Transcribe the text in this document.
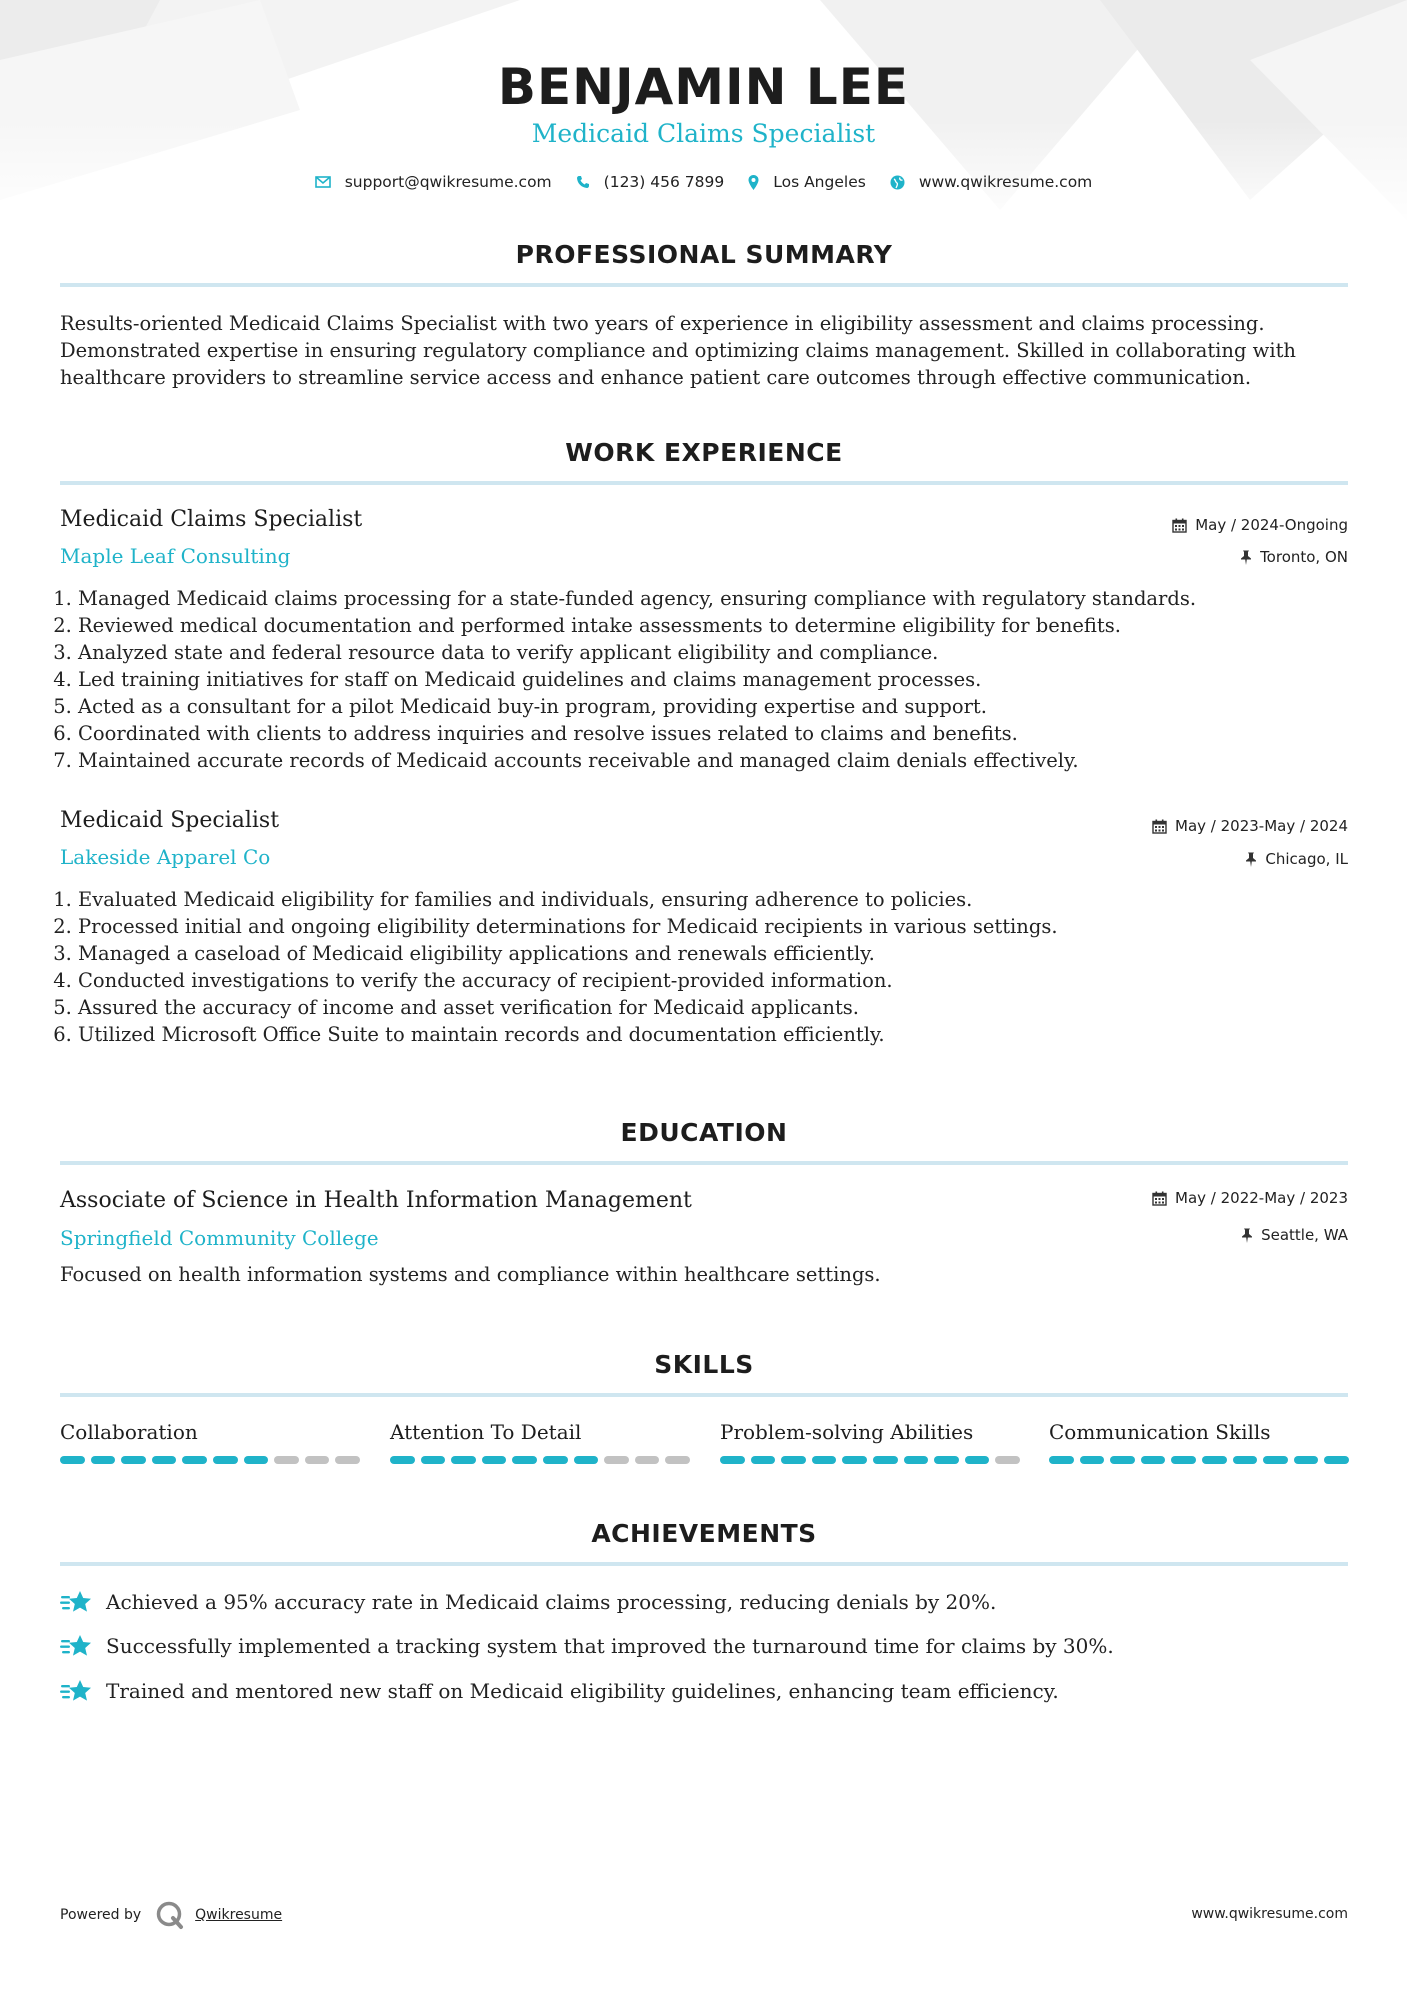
BENJAMIN LEE
Medicaid Claims Specialist
support@qwikresume.com	(123) 456 7899	Los Angeles	www.qwikresume.com
PROFESSIONAL SUMMARY
Results-oriented Medicaid Claims Specialist with two years of experience in eligibility assessment and claims processing. Demonstrated expertise in ensuring regulatory compliance and optimizing claims management. Skilled in collaborating with healthcare providers to streamline service access and enhance patient care outcomes through effective communication.
WORK EXPERIENCE
Medicaid Claims Specialist
Maple Leaf Consulting
May / 2024-Ongoing
Toronto, ON
1. Managed Medicaid claims processing for a state-funded agency, ensuring compliance with regulatory standards.
2. Reviewed medical documentation and performed intake assessments to determine eligibility for benefits.
3. Analyzed state and federal resource data to verify applicant eligibility and compliance.
4. Led training initiatives for staff on Medicaid guidelines and claims management processes.
5. Acted as a consultant for a pilot Medicaid buy-in program, providing expertise and support.
6. Coordinated with clients to address inquiries and resolve issues related to claims and benefits.
7. Maintained accurate records of Medicaid accounts receivable and managed claim denials effectively.
Medicaid Specialist
Lakeside Apparel Co
May / 2023-May / 2024
Chicago, IL
1. Evaluated Medicaid eligibility for families and individuals, ensuring adherence to policies.
2. Processed initial and ongoing eligibility determinations for Medicaid recipients in various settings.
3. Managed a caseload of Medicaid eligibility applications and renewals efficiently.
4. Conducted investigations to verify the accuracy of recipient-provided information.
5. Assured the accuracy of income and asset verification for Medicaid applicants.
6. Utilized Microsoft Office Suite to maintain records and documentation efficiently.
EDUCATION
Associate of Science in Health Information Management
Springfield Community College
May / 2022-May / 2023
Seattle, WA
Focused on health information systems and compliance within healthcare settings.
SKILLS
Collaboration	Attention To Detail	Problem-solving Abilities	Communication Skills
ACHIEVEMENTS
Achieved a 95% accuracy rate in Medicaid claims processing, reducing denials by 20%.
Successfully implemented a tracking system that improved the turnaround time for claims by 30%.
Trained and mentored new staff on Medicaid eligibility guidelines, enhancing team efficiency.
Powered by	Qwikresume	www.qwikresume.com
